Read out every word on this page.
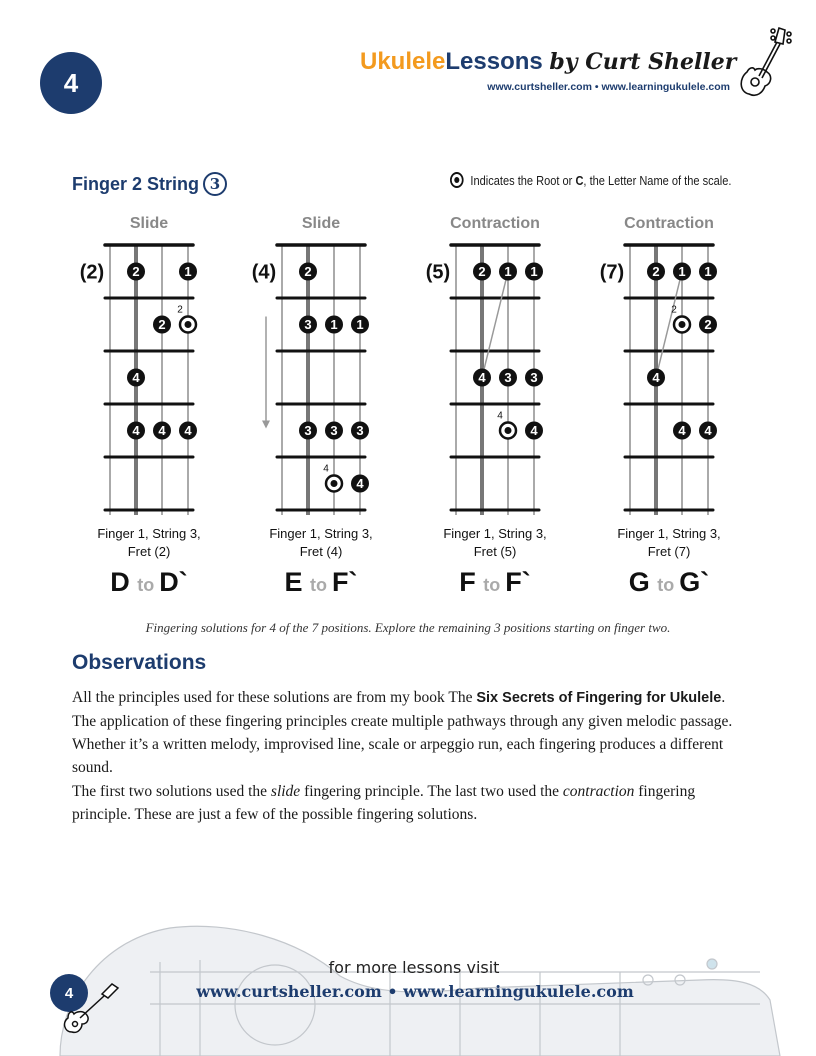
4
UkuleleLessons by Curt Sheller
www.curtsheller.com • www.learningukulele.com
Finger 2 String 3	Indicates the Root or C, the Letter Name of the scale.
Slide
(2) 2	1
2
2
4
4 4 4
Finger 1, String 3,
Fret (2)
D to D`
Slide
(4) 2
3 1 1
3 3 3
4
4
Finger 1, String 3,
Fret (4)
E to F`
Contraction
(5) 2 1 1
4 3 3
4
4
Finger 1, String 3,
Fret (5)
F to F`
Contraction
(7) 2 1 1
2
2
4
4 4
Finger 1, String 3,
Fret (7)
G to G`
Fingering solutions for 4 of the 7 positions. Explore the remaining 3 positions starting on finger two.
Observations
All the principles used for these solutions are from my book The Six Secrets of Fingering for Ukulele. The application of these fingering principles create multiple pathways through any given melodic passage. Whether it’s a written melody, improvised line, scale or arpeggio run, each fingering produces a different sound.
The first two solutions used the slide fingering principle. The last two used the contraction fingering principle. These are just a few of the possible fingering solutions.
for more lessons visit
www.curtsheller.com • www.learningukulele.com
4
